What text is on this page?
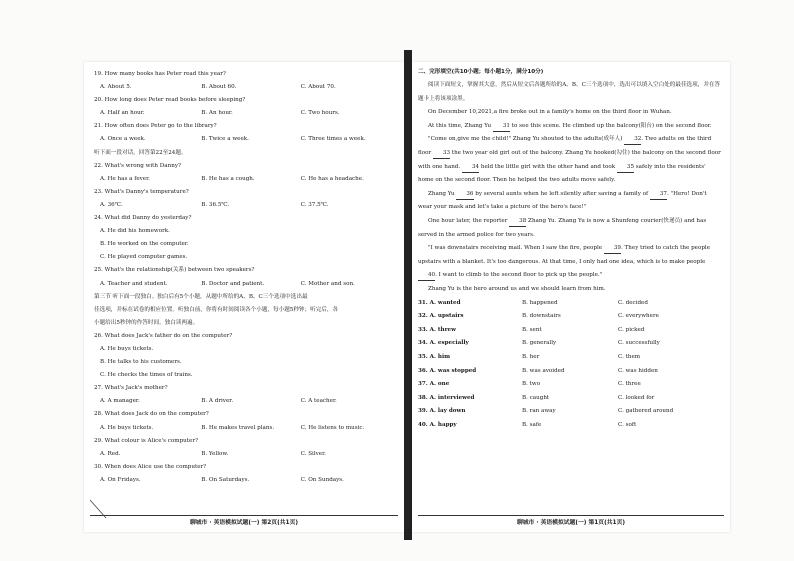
19. How many books has Peter read this year?
A. About 5.	B. About 60.	C. About 70.
20. How long does Peter read books before sleeping?
A. Half an hour.	B. An hour.	C. Two hours.
21. How often does Peter go to the library?
A. Once a week.	B. Twice a week.	C. Three times a week.
听下面一段对话，回答第22至24题。
22. What's wrong with Danny?
A. He has a fever.	B. He has a cough.	C. He has a headache.
23. What's Danny's temperature?
A. 36℃.	B. 36.5℃.	C. 37.5℃.
24. What did Danny do yesterday?
A. He did his homework.
B. He worked on the computer.
C. He played computer games.
25. What's the relationship(关系) between two speakers?
A. Teacher and student.	B. Doctor and patient.	C. Mother and son.
第三节 听下面一段独白。独白后有5个小题，从题中所给的A、B、C三个选项中选出最
佳选项，并标在试卷的相应位置。听独白前，你将有时间阅读各个小题，每小题5秒钟；听完后，各
小题给出5秒钟的作答时间。独白读两遍。
26. What does Jack's father do on the computer?
A. He buys tickets.
B. He talks to his customers.
C. He checks the times of trains.
27. What's Jack's mother?
A. A manager.	B. A driver.	C. A teacher.
28. What does Jack do on the computer?
A. He buys tickets.	B. He makes travel plans.	C. He listens to music.
29. What colour is Alice's computer?
A. Red.	B. Yellow.	C. Silver.
30. When does Alice use the computer?
A. On Fridays.	B. On Saturdays.	C. On Sundays.
聊城市 · 英语模拟试题(一) 第2页(共1页)
二、完形填空(共10小题；每小题1分，满分10分)
阅读下面短文，掌握其大意，然后从短文后各题所给的A、B、C三个选项中，选出可以填入空白处的最佳选项，并在答题卡上将该项涂黑。
On December 10,2021,a fire broke out in a family's home on the third floor in Wuhan.
At this time, Zhang Yu 31 to see this scene. He climbed up the balcony(阳台) on the second floor.
"Come on,give me the child!" Zhang Yu shouted to the adults(成年人) 32. Two adults on the third floor 33 the two year old girl out of the balcony. Zhang Yu hooked(勾住) the balcony on the second floor with one hand. 34 held the little girl with the other hand and took 35 safely into the residents' home on the second floor. Then he helped the two adults move safely.
Zhang Yu 36 by several aunts when he left silently after saving a family of 37. "Hero! Don't wear your mask and let's take a picture of the hero's face!"
One hour later, the reporter 38 Zhang Yu. Zhang Yu is now a Shunfeng courier(快递员) and has served in the armed police for two years.
"I was downstairs receiving mail. When I saw the fire, people 39. They tried to catch the people upstairs with a blanket. It's too dangerous. At that time, I only had one idea, which is to make people 40. I want to climb to the second floor to pick up the people."
Zhang Yu is the hero around us and we should learn from him.
31. A. wanted	B. happened	C. decided
32. A. upstairs	B. downstairs	C. everywhere
33. A. threw	B. sent	C. picked
34. A. especially	B. generally	C. successfully
35. A. him	B. her	C. them
36. A. was stopped	B. was avoided	C. was hidden
37. A. one	B. two	C. three
38. A. interviewed	B. caught	C. looked for
39. A. lay down	B. ran away	C. gathered around
40. A. happy	B. safe	C. soft
聊城市 · 英语模拟试题(一) 第1页(共1页)
